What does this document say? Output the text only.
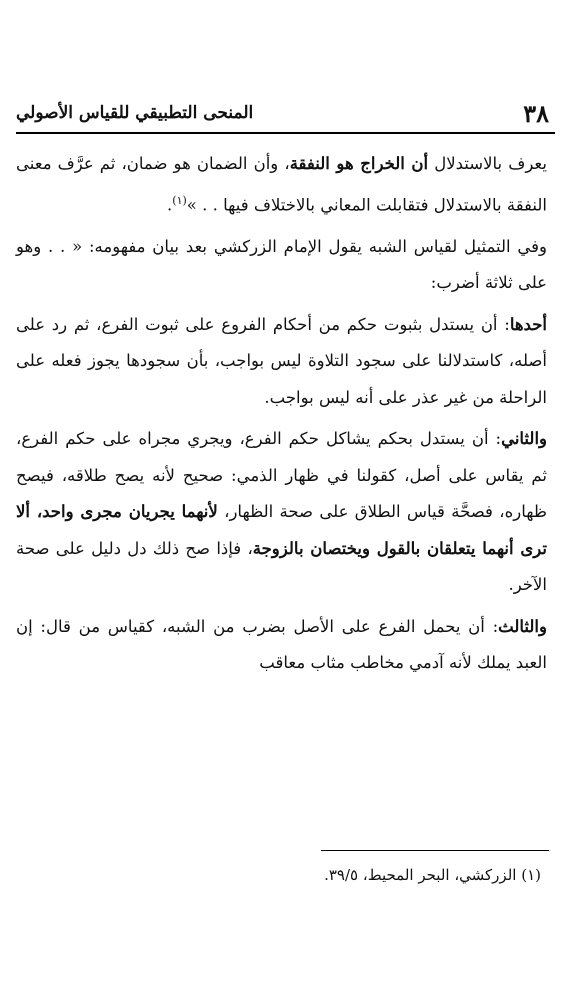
٣٨
المنحى التطبيقي للقياس الأصولي

يعرف بالاستدلال أن الخراج هو النفقة، وأن الضمان هو ضمان، ثم عرَّف معنى النفقة بالاستدلال فتقابلت المعاني بالاختلاف فيها . . »$^{(١)}$.

وفي التمثيل لقياس الشبه يقول الإمام الزركشي بعد بيان مفهومه: « . . وهو على ثلاثة أضرب:

أحدها: أن يستدل بثبوت حكم من أحكام الفروع على ثبوت الفرع، ثم رد على أصله، كاستدلالنا على سجود التلاوة ليس بواجب، بأن سجودها يجوز فعله على الراحلة من غير عذر على أنه ليس بواجب.

والثاني: أن يستدل بحكم يشاكل حكم الفرع، ويجري مجراه على حكم الفرع، ثم يقاس على أصل، كقولنا في ظهار الذمي: صحيح لأنه يصح طلاقه، فيصح ظهاره، فصحَّة قياس الطلاق على صحة الظهار، لأنهما يجريان مجرى واحد، ألا ترى أنهما يتعلقان بالقول ويختصان بالزوجة، فإذا صح ذلك دل دليل على صحة الآخر.

والثالث: أن يحمل الفرع على الأصل بضرب من الشبه، كقياس من قال: إن العبد يملك لأنه آدمي مخاطب مثاب معاقب

(١) الزركشي، البحر المحيط، ٣٩/٥.
